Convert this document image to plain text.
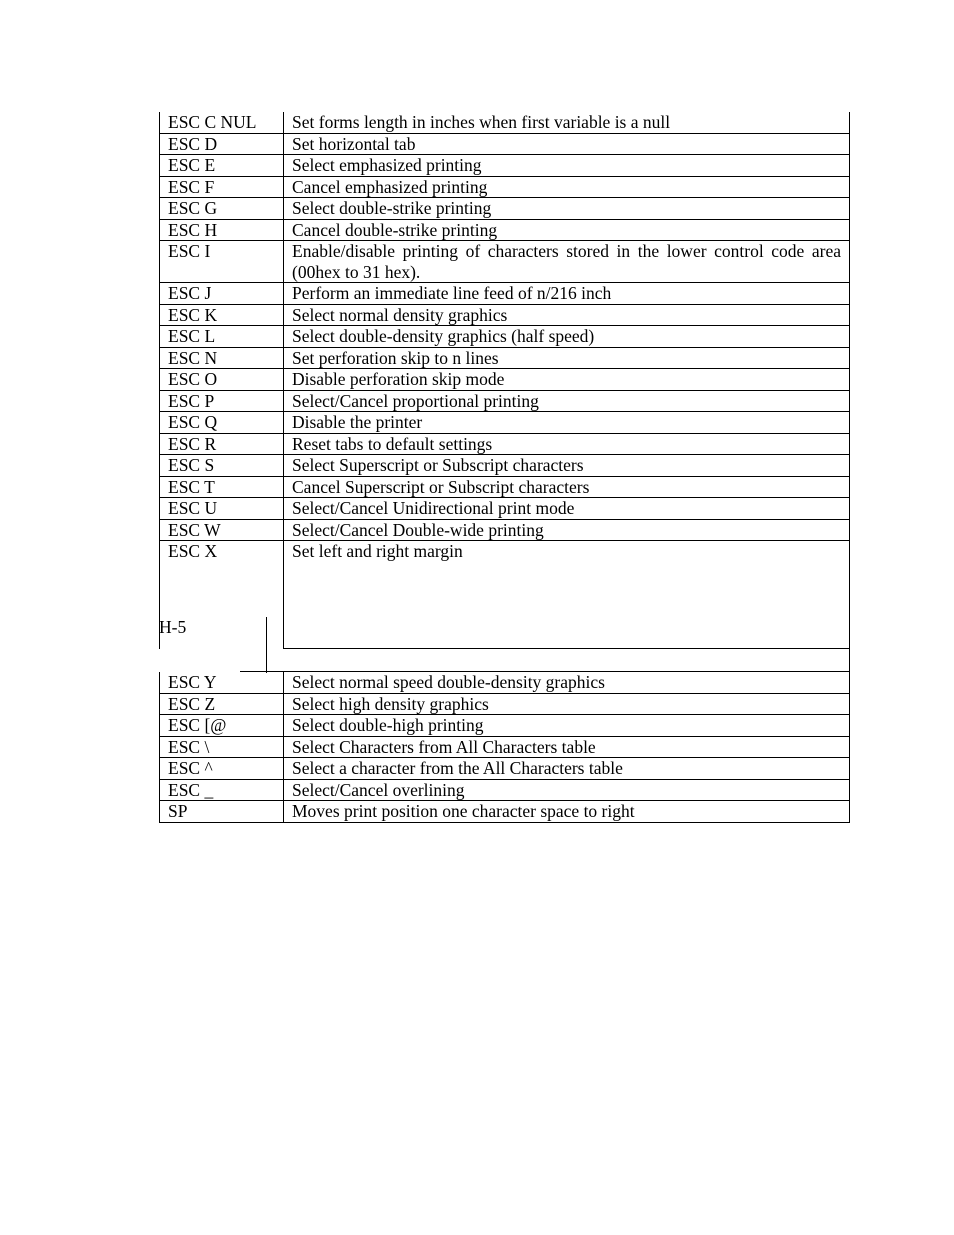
ESC C NUL	Set forms length in inches when first variable is a null
ESC D	Set horizontal tab
ESC E	Select emphasized printing
ESC F	Cancel emphasized printing
ESC G	Select double-strike printing
ESC H	Cancel double-strike printing
ESC I	Enable/disable printing of characters stored in the lower control code area (00hex to 31 hex).
ESC J	Perform an immediate line feed of n/216 inch
ESC K	Select normal density graphics
ESC L	Select double-density graphics (half speed)
ESC N	Set perforation skip to n lines
ESC O	Disable perforation skip mode
ESC P	Select/Cancel proportional printing
ESC Q	Disable the printer
ESC R	Reset tabs to default settings
ESC S	Select Superscript or Subscript characters
ESC T	Cancel Superscript or Subscript characters
ESC U	Select/Cancel Unidirectional print mode
ESC W	Select/Cancel Double-wide printing
ESC X	Set left and right margin
H-5
ESC Y	Select normal speed double-density graphics
ESC Z	Select high density graphics
ESC [@	Select double-high printing
ESC \	Select Characters from All Characters table
ESC ^	Select a character from the All Characters table
ESC _	Select/Cancel overlining
SP	Moves print position one character space to right
